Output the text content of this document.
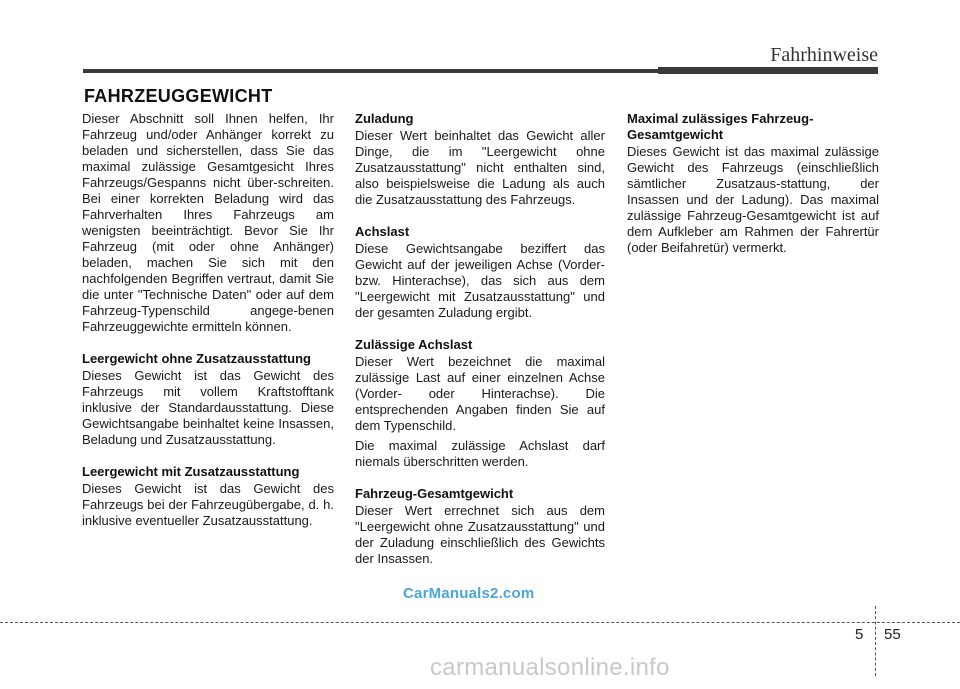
Fahrhinweise
FAHRZEUGGEWICHT

Dieser Abschnitt soll Ihnen helfen, Ihr Fahrzeug und/oder Anhänger korrekt zu beladen und sicherstellen, dass Sie das maximal zulässige Gesamtgesicht Ihres Fahrzeugs/Gespanns nicht über-schreiten. Bei einer korrekten Beladung wird das Fahrverhalten Ihres Fahrzeugs am wenigsten beeinträchtigt. Bevor Sie Ihr Fahrzeug (mit oder ohne Anhänger) beladen, machen Sie sich mit den nachfolgenden Begriffen vertraut, damit Sie die unter "Technische Daten" oder auf dem Fahrzeug-Typenschild angege-benen Fahrzeuggewichte ermitteln können.

Leergewicht ohne Zusatzausstattung

Dieses Gewicht ist das Gewicht des Fahrzeugs mit vollem Kraftstofftank inklusive der Standardausstattung. Diese Gewichtsangabe beinhaltet keine Insassen, Beladung und Zusatzausstattung.

Leergewicht mit Zusatzausstattung

Dieses Gewicht ist das Gewicht des Fahrzeugs bei der Fahrzeugübergabe, d. h. inklusive eventueller Zusatzausstattung.

Zuladung

Dieser Wert beinhaltet das Gewicht aller Dinge, die im "Leergewicht ohne Zusatzausstattung" nicht enthalten sind, also beispielsweise die Ladung als auch die Zusatzausstattung des Fahrzeugs.

Achslast

Diese Gewichtsangabe beziffert das Gewicht auf der jeweiligen Achse (Vorder- bzw. Hinterachse), das sich aus dem "Leergewicht mit Zusatzausstattung" und der gesamten Zuladung ergibt.

Zulässige Achslast

Dieser Wert bezeichnet die maximal zulässige Last auf einer einzelnen Achse (Vorder- oder Hinterachse). Die entsprechenden Angaben finden Sie auf dem Typenschild.

Die maximal zulässige Achslast darf niemals überschritten werden.

Fahrzeug-Gesamtgewicht

Dieser Wert errechnet sich aus dem "Leergewicht ohne Zusatzausstattung" und der Zuladung einschließlich des Gewichts der Insassen.

Maximal zulässiges Fahrzeug-Gesamtgewicht

Dieses Gewicht ist das maximal zulässige Gewicht des Fahrzeugs (einschließlich sämtlicher Zusatzaus-stattung, der Insassen und der Ladung). Das maximal zulässige Fahrzeug-Gesamtgewicht ist auf dem Aufkleber am Rahmen der Fahrertür (oder Beifahretür) vermerkt.

CarManuals2.com
5 55
carmanualsonline.info
